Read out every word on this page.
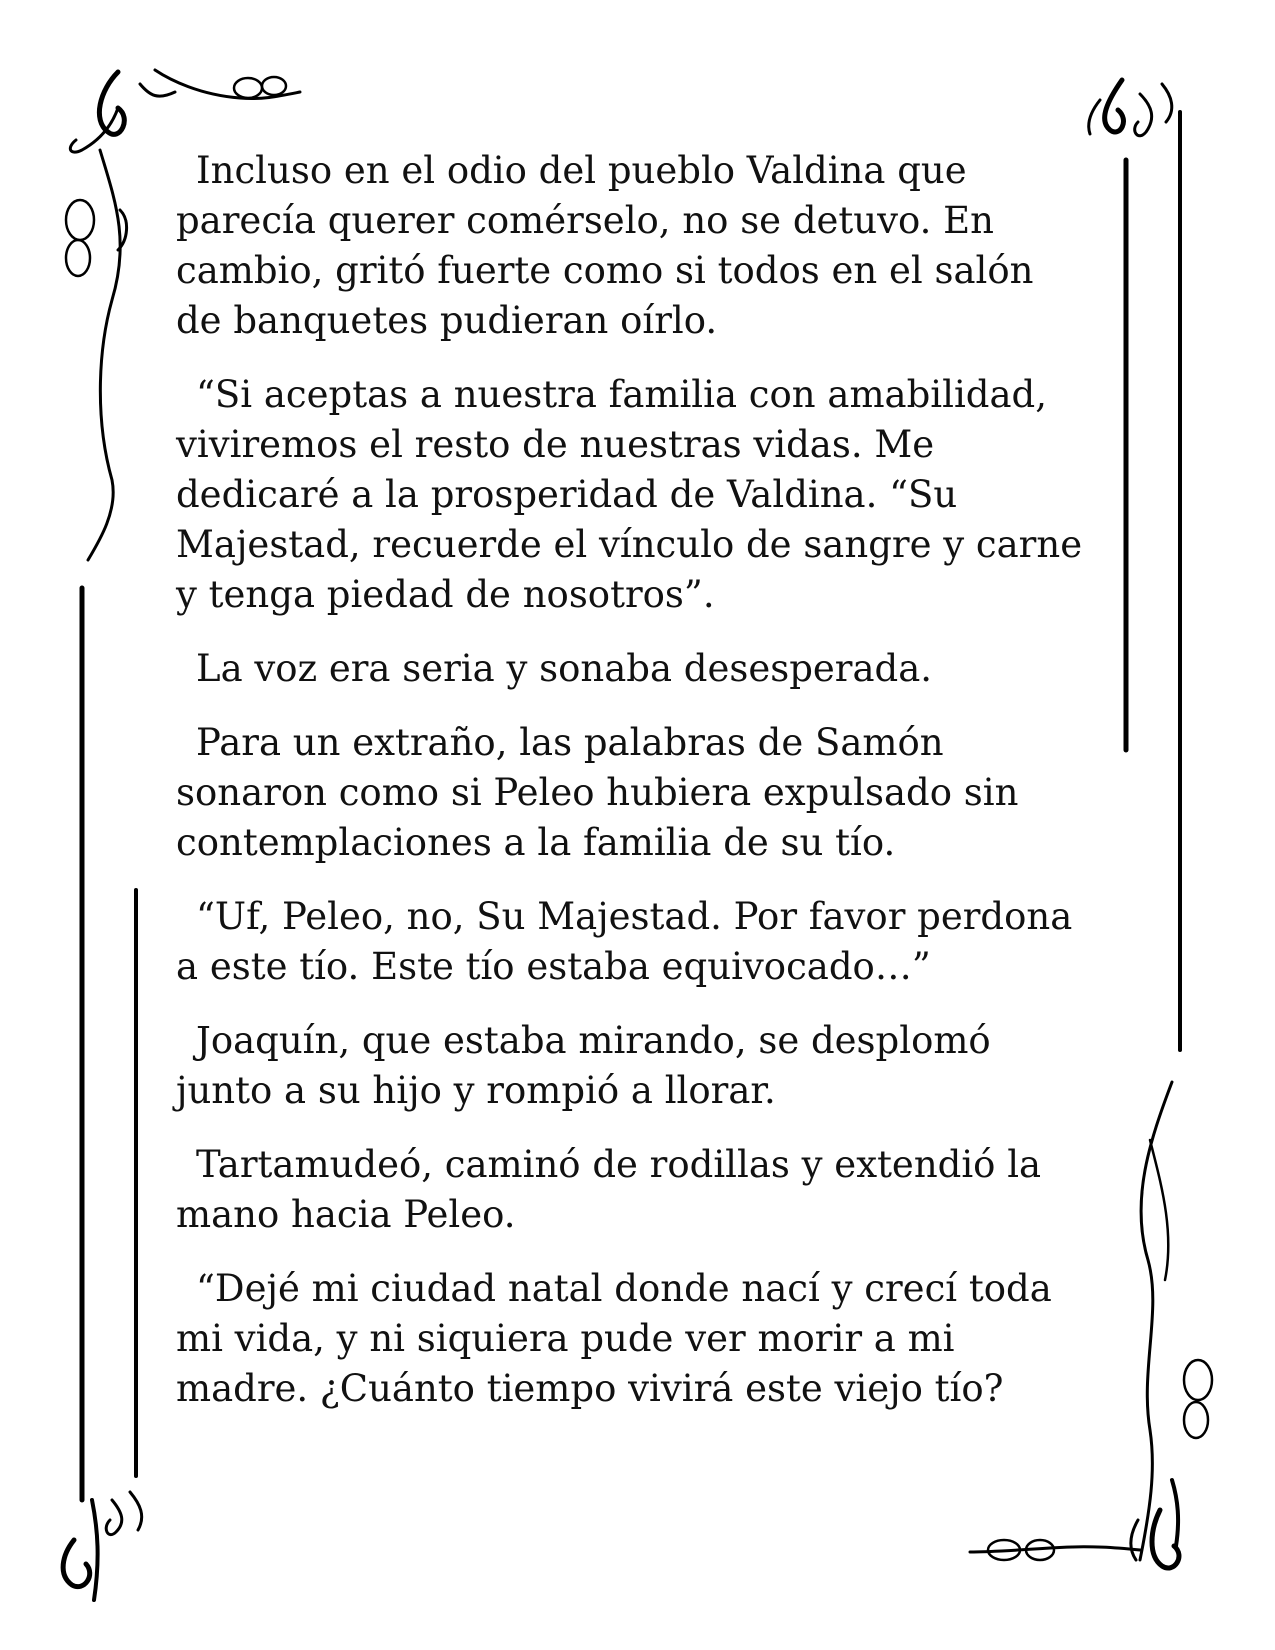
Incluso en el odio del pueblo Valdina que parecía querer comérselo, no se detuvo. En cambio, gritó fuerte como si todos en el salón de banquetes pudieran oírlo.

“Si aceptas a nuestra familia con amabilidad, viviremos el resto de nuestras vidas. Me dedicaré a la prosperidad de Valdina. “Su Majestad, recuerde el vínculo de sangre y carne y tenga piedad de nosotros”.

La voz era seria y sonaba desesperada.

Para un extraño, las palabras de Samón sonaron como si Peleo hubiera expulsado sin contemplaciones a la familia de su tío.

“Uf, Peleo, no, Su Majestad. Por favor perdona a este tío. Este tío estaba equivocado…”

Joaquín, que estaba mirando, se desplomó junto a su hijo y rompió a llorar.

Tartamudeó, caminó de rodillas y extendió la mano hacia Peleo.

“Dejé mi ciudad natal donde nací y crecí toda mi vida, y ni siquiera pude ver morir a mi madre. ¿Cuánto tiempo vivirá este viejo tío?
